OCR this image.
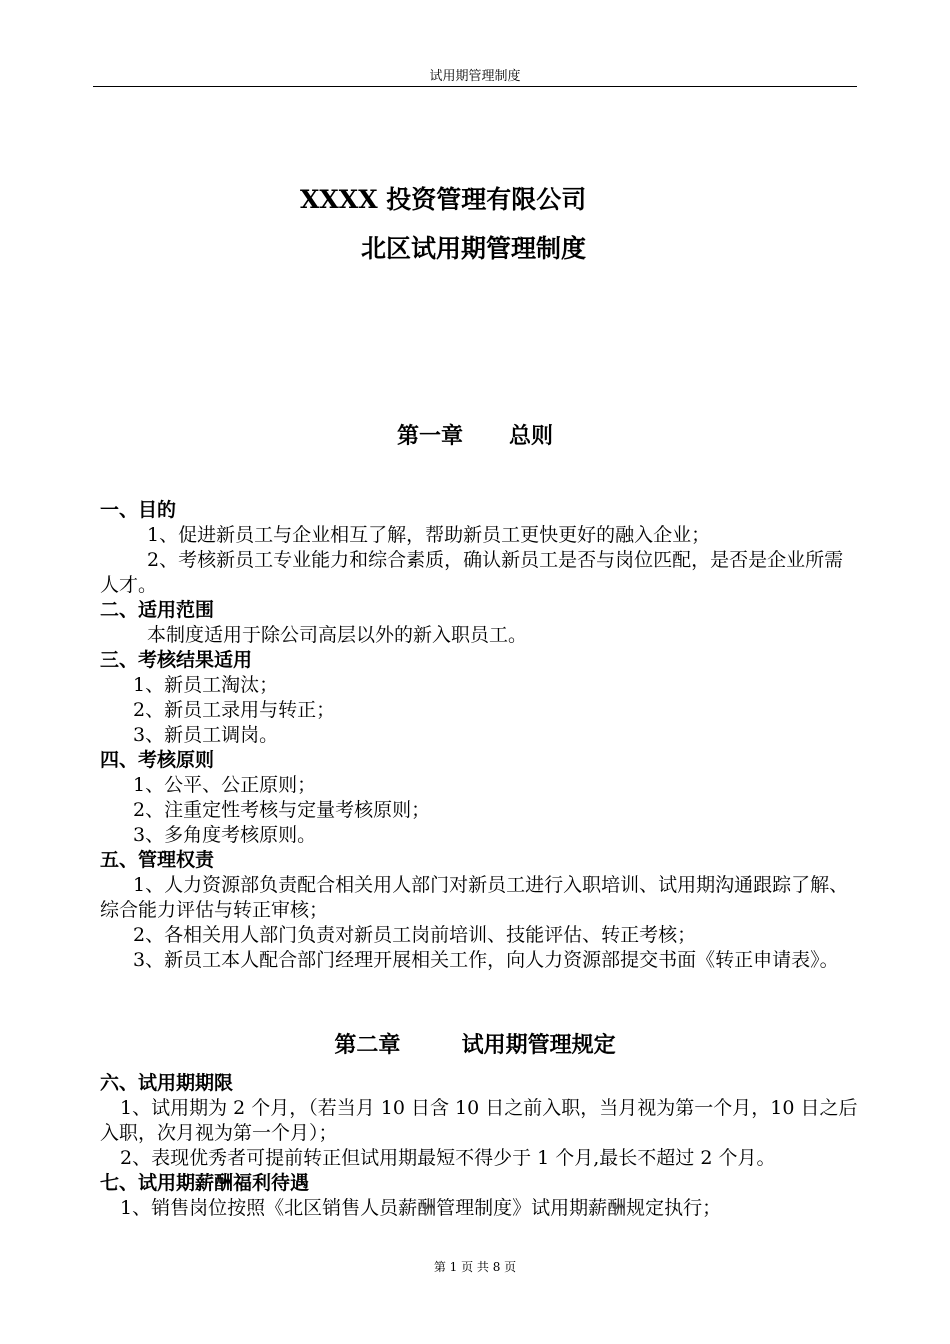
试用期管理制度
XXXX 投资管理有限公司
北区试用期管理制度
第一章      总则

一、目的

1、促进新员工与企业相互了解，帮助新员工更快更好的融入企业；

2、考核新员工专业能力和综合素质，确认新员工是否与岗位匹配，是否是企业所需人才。

二、适用范围

本制度适用于除公司高层以外的新入职员工。

三、考核结果适用

1、新员工淘汰；

2、新员工录用与转正；

3、新员工调岗。

四、考核原则

1、公平、公正原则；

2、注重定性考核与定量考核原则；

3、多角度考核原则。

五、管理权责

1、人力资源部负责配合相关用人部门对新员工进行入职培训、试用期沟通跟踪了解、综合能力评估与转正审核；

2、各相关用人部门负责对新员工岗前培训、技能评估、转正考核；

3、新员工本人配合部门经理开展相关工作，向人力资源部提交书面《转正申请表》。

第二章        试用期管理规定

六、试用期期限

1、试用期为 2 个月，（若当月 10 日含 10 日之前入职，当月视为第一个月，10 日之后入职，次月视为第一个月）；

2、表现优秀者可提前转正但试用期最短不得少于 1 个月,最长不超过 2 个月。

七、试用期薪酬福利待遇

1、销售岗位按照《北区销售人员薪酬管理制度》试用期薪酬规定执行；

第 1 页 共 8 页
